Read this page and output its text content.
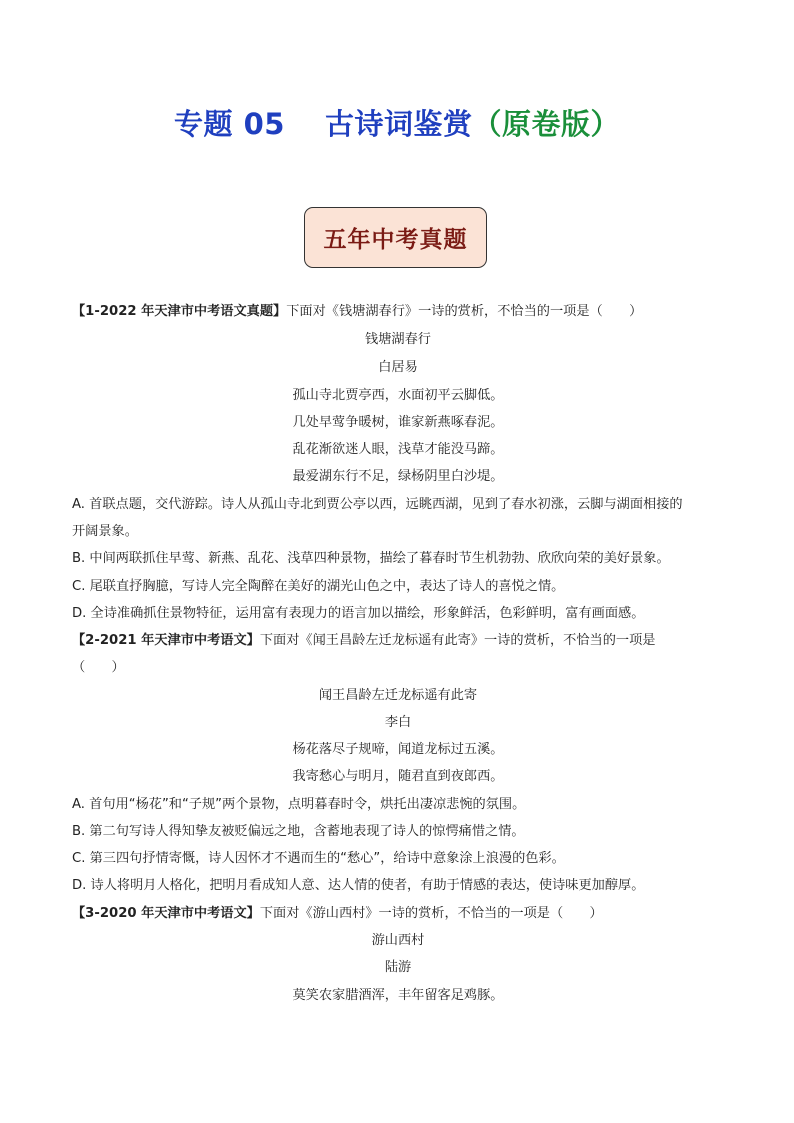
专题 05 古诗词鉴赏（原卷版）
五年中考真题
【1-2022 年天津市中考语文真题】下面对《钱塘湖春行》一诗的赏析，不恰当的一项是（　　）
钱塘湖春行
白居易
孤山寺北贾亭西，水面初平云脚低。
几处早莺争暖树，谁家新燕啄春泥。
乱花渐欲迷人眼，浅草才能没马蹄。
最爱湖东行不足，绿杨阴里白沙堤。
A. 首联点题，交代游踪。诗人从孤山寺北到贾公亭以西，远眺西湖，见到了春水初涨，云脚与湖面相接的
开阔景象。
B. 中间两联抓住早莺、新燕、乱花、浅草四种景物，描绘了暮春时节生机勃勃、欣欣向荣的美好景象。
C. 尾联直抒胸臆，写诗人完全陶醉在美好的湖光山色之中，表达了诗人的喜悦之情。
D. 全诗准确抓住景物特征，运用富有表现力的语言加以描绘，形象鲜活，色彩鲜明，富有画面感。
【2-2021 年天津市中考语文】下面对《闻王昌龄左迁龙标遥有此寄》一诗的赏析，不恰当的一项是
（　　）
闻王昌龄左迁龙标遥有此寄
李白
杨花落尽子规啼，闻道龙标过五溪。
我寄愁心与明月，随君直到夜郎西。
A. 首句用“杨花”和“子规”两个景物，点明暮春时令，烘托出凄凉悲惋的氛围。
B. 第二句写诗人得知挚友被贬偏远之地，含蓄地表现了诗人的惊愕痛惜之情。
C. 第三四句抒情寄慨，诗人因怀才不遇而生的“愁心”，给诗中意象涂上浪漫的色彩。
D. 诗人将明月人格化，把明月看成知人意、达人情的使者，有助于情感的表达，使诗味更加醇厚。
【3-2020 年天津市中考语文】下面对《游山西村》一诗的赏析，不恰当的一项是（　　）
游山西村
陆游
莫笑农家腊酒浑，丰年留客足鸡豚。
